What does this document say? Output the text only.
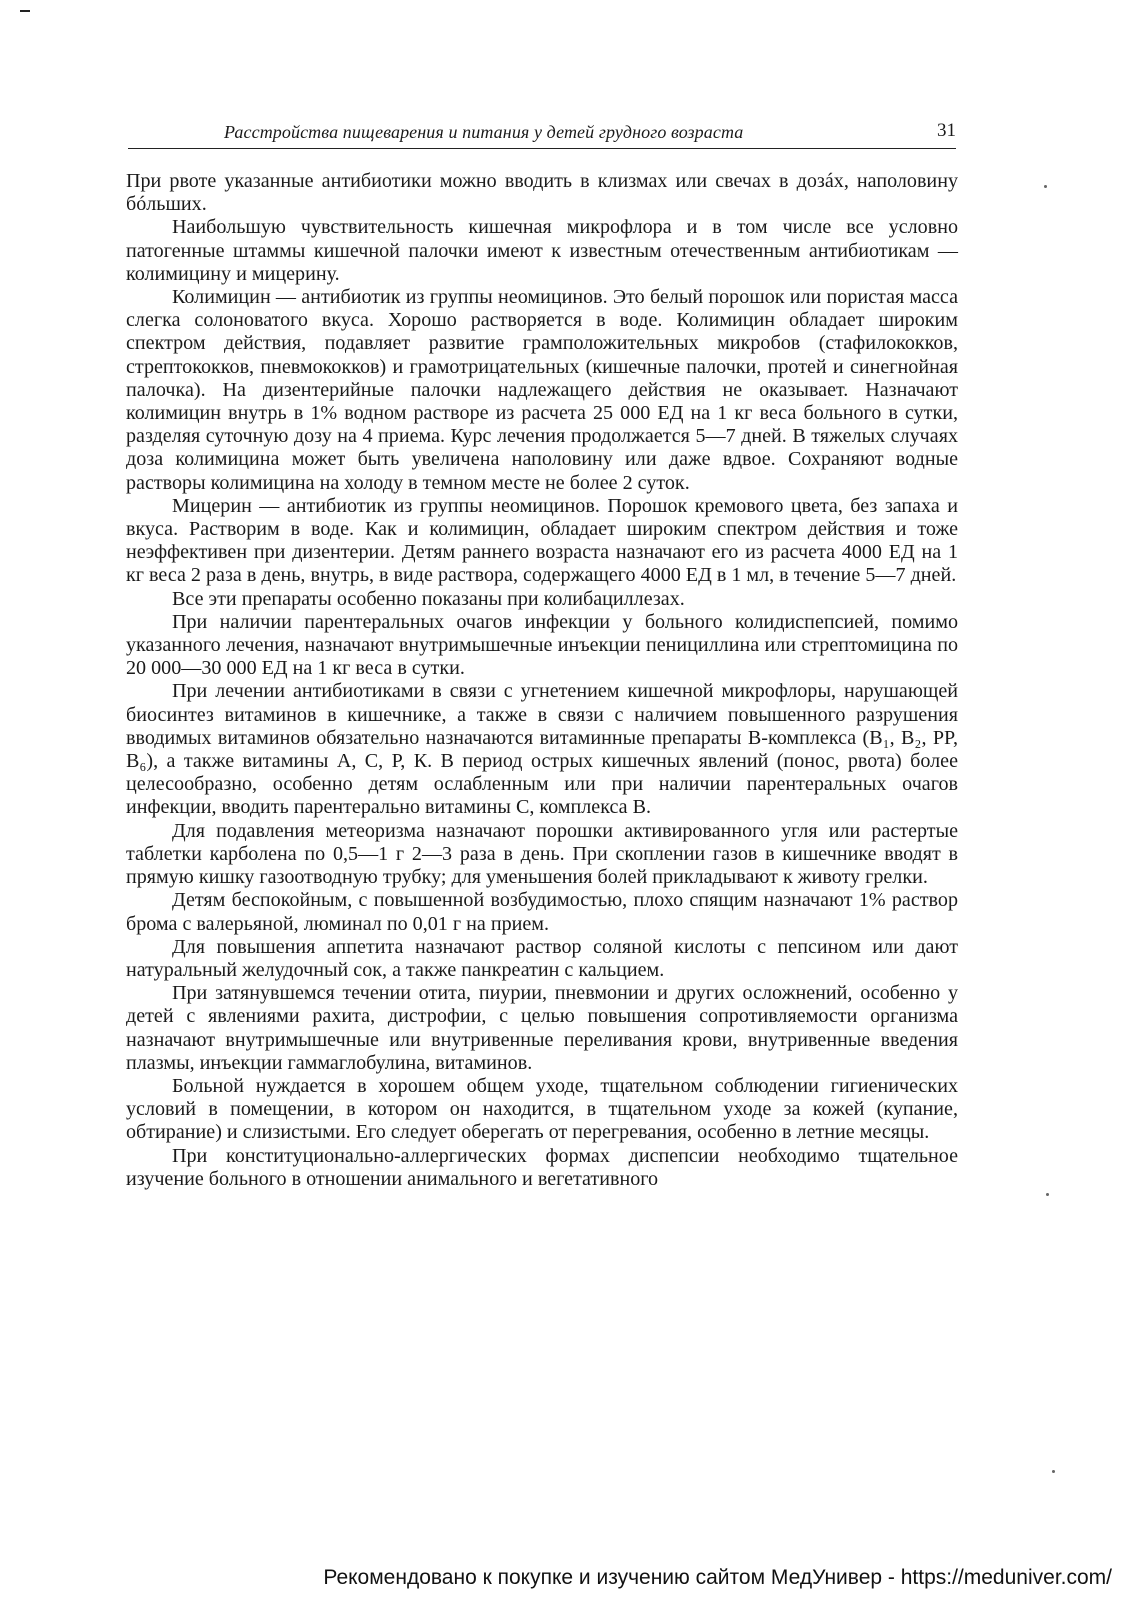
Расстройства пищеварения и питания у детей грудного возраста	31

При рвоте указанные антибиотики можно вводить в клизмах или свечах в дозáх, наполовину бóльших.

Наибольшую чувствительность кишечная микрофлора и в том числе все условно патогенные штаммы кишечной палочки имеют к известным отечественным антибиотикам — колимицину и мицерину.

Колимицин — антибиотик из группы неомицинов. Это белый порошок или пористая масса слегка солоноватого вкуса. Хорошо растворяется в воде. Колимицин обладает широким спектром действия, подавляет развитие грамположительных микробов (стафилококков, стрептококков, пневмококков) и грамотрицательных (кишечные палочки, протей и синегнойная палочка). На дизентерийные палочки надлежащего действия не оказывает. Назначают колимицин внутрь в 1% водном растворе из расчета 25 000 ЕД на 1 кг веса больного в сутки, разделяя суточную дозу на 4 приема. Курс лечения продолжается 5—7 дней. В тяжелых случаях доза колимицина может быть увеличена наполовину или даже вдвое. Сохраняют водные растворы колимицина на холоду в темном месте не более 2 суток.

Мицерин — антибиотик из группы неомицинов. Порошок кремового цвета, без запаха и вкуса. Растворим в воде. Как и колимицин, обладает широким спектром действия и тоже неэффективен при дизентерии. Детям раннего возраста назначают его из расчета 4000 ЕД на 1 кг веса 2 раза в день, внутрь, в виде раствора, содержащего 4000 ЕД в 1 мл, в течение 5—7 дней.

Все эти препараты особенно показаны при колибациллезах.

При наличии парентеральных очагов инфекции у больного колидиспепсией, помимо указанного лечения, назначают внутримышечные инъекции пенициллина или стрептомицина по 20 000—30 000 ЕД на 1 кг веса в сутки.

При лечении антибиотиками в связи с угнетением кишечной микрофлоры, нарушающей биосинтез витаминов в кишечнике, а также в связи с наличием повышенного разрушения вводимых витаминов обязательно назначаются витаминные препараты В-комплекса (B₁, B₂, PP, B₆), а также витамины А, С, Р, К. В период острых кишечных явлений (понос, рвота) более целесообразно, особенно детям ослабленным или при наличии парентеральных очагов инфекции, вводить парентерально витамины С, комплекса В.

Для подавления метеоризма назначают порошки активированного угля или растертые таблетки карболена по 0,5—1 г 2—3 раза в день. При скоплении газов в кишечнике вводят в прямую кишку газоотводную трубку; для уменьшения болей прикладывают к животу грелки.

Детям беспокойным, с повышенной возбудимостью, плохо спящим назначают 1% раствор брома с валерьяной, люминал по 0,01 г на прием.

Для повышения аппетита назначают раствор соляной кислоты с пепсином или дают натуральный желудочный сок, а также панкреатин с кальцием.

При затянувшемся течении отита, пиурии, пневмонии и других осложнений, особенно у детей с явлениями рахита, дистрофии, с целью повышения сопротивляемости организма назначают внутримышечные или внутривенные переливания крови, внутривенные введения плазмы, инъекции гаммаглобулина, витаминов.

Больной нуждается в хорошем общем уходе, тщательном соблюдении гигиенических условий в помещении, в котором он находится, в тщательном уходе за кожей (купание, обтирание) и слизистыми. Его следует оберегать от перегревания, особенно в летние месяцы.

При конституционально-аллергических формах диспепсии необходимо тщательное изучение больного в отношении анимального и вегетативного

Рекомендовано к покупке и изучению сайтом МедУнивер - https://meduniver.com/
